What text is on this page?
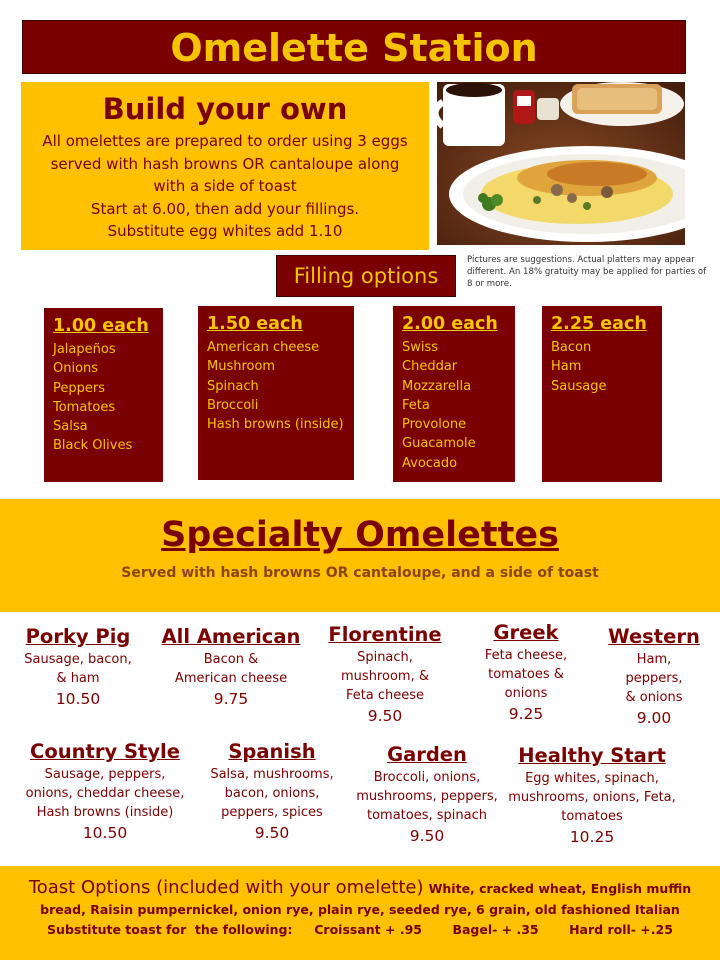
Omelette Station
Build your own
All omelettes are prepared to order using 3 eggs served with hash browns OR cantaloupe along with a side of toast
Start at 6.00, then add your fillings.
Substitute egg whites add 1.10
Filling options
Pictures are suggestions. Actual platters may appear different. An 18% gratuity may be applied for parties of 8 or more.
1.00 each
Jalapeños
Onions
Peppers
Tomatoes
Salsa
Black Olives
1.50 each
American cheese
Mushroom
Spinach
Broccoli
Hash browns (inside)
2.00 each
Swiss
Cheddar
Mozzarella
Feta
Provolone
Guacamole
Avocado
2.25 each
Bacon
Ham
Sausage
Specialty Omelettes
Served with hash browns OR cantaloupe, and a side of toast
Porky Pig
Sausage, bacon,
& ham
10.50
All American
Bacon &
American cheese
9.75
Florentine
Spinach,
mushroom, &
Feta cheese
9.50
Greek
Feta cheese,
tomatoes &
onions
9.25
Western
Ham,
peppers,
& onions
9.00
Country Style
Sausage, peppers,
onions, cheddar cheese,
Hash browns (inside)
10.50
Spanish
Salsa, mushrooms,
bacon, onions,
peppers, spices
9.50
Garden
Broccoli, onions,
mushrooms, peppers,
tomatoes, spinach
9.50
Healthy Start
Egg whites, spinach,
mushrooms, onions, Feta,
tomatoes
10.25
Toast Options (included with your omelette) White, cracked wheat, English muffin
bread, Raisin pumpernickel, onion rye, plain rye, seeded rye, 6 grain, old fashioned Italian
Substitute toast for  the following:     Croissant + .95       Bagel- + .35       Hard roll- +.25
